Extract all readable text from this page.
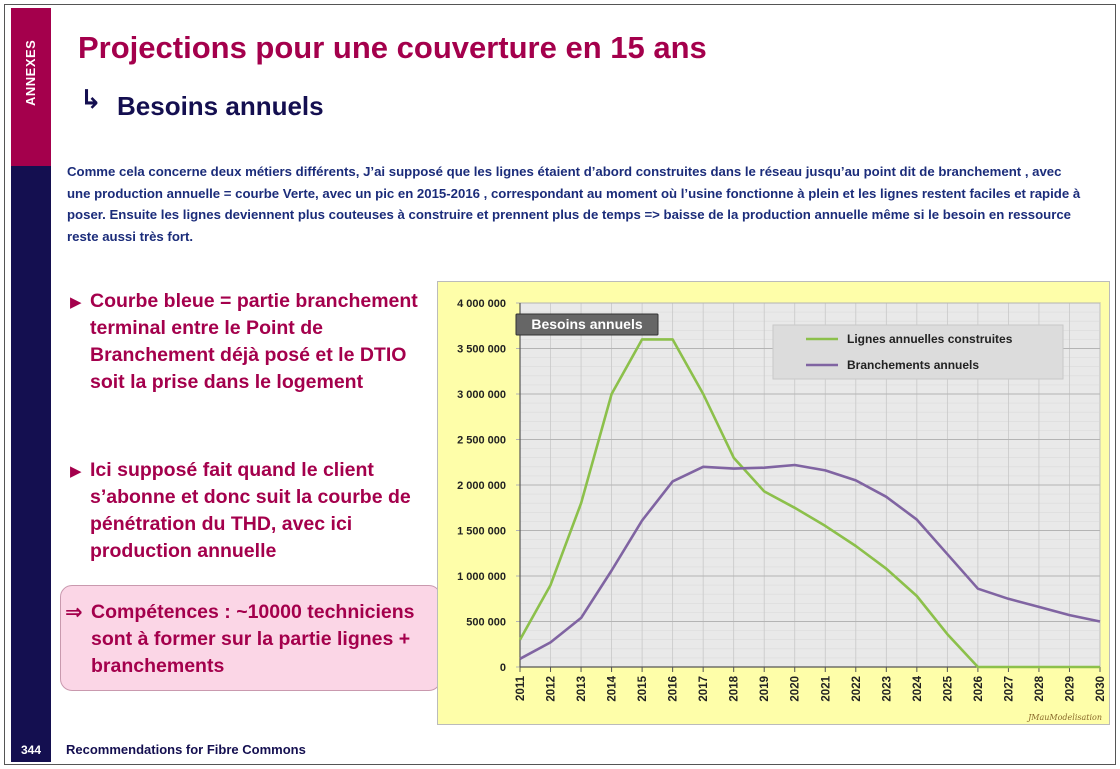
ANNEXES
344
Projections pour une couverture en 15 ans
↳ Besoins annuels
Comme cela concerne deux métiers différents, J’ai supposé que les lignes étaient d’abord construites dans le réseau jusqu’au point dit de branchement , avec une production annuelle = courbe Verte, avec un pic en 2015-2016 , correspondant au moment où l’usine fonctionne à plein et les lignes restent faciles et rapide à poser. Ensuite les lignes deviennent plus couteuses à construire et prennent plus de temps => baisse de la production annuelle même si le besoin en ressource reste aussi très fort.
▶ Courbe bleue = partie branchement terminal entre le Point de Branchement déjà posé et le DTIO soit la prise dans le logement
▶ Ici supposé fait quand le client s’abonne et donc suit la courbe de pénétration du THD, avec ici production annuelle
⇒ Compétences : ~10000 techniciens sont à former sur la partie lignes + branchements	0
500 000
1 000 000
1 500 000
2 000 000
2 500 000
3 000 000
3 500 000
4 000 000
2011 2012 2013 2014 2015 2016 2017 2018 2019 2020 2021 2022 2023 2024 2025 2026 2027 2028 2029 2030
Besoins annuels
Lignes annuelles construites
Branchements annuels
JMauModelisation
Recommendations for Fibre Commons
